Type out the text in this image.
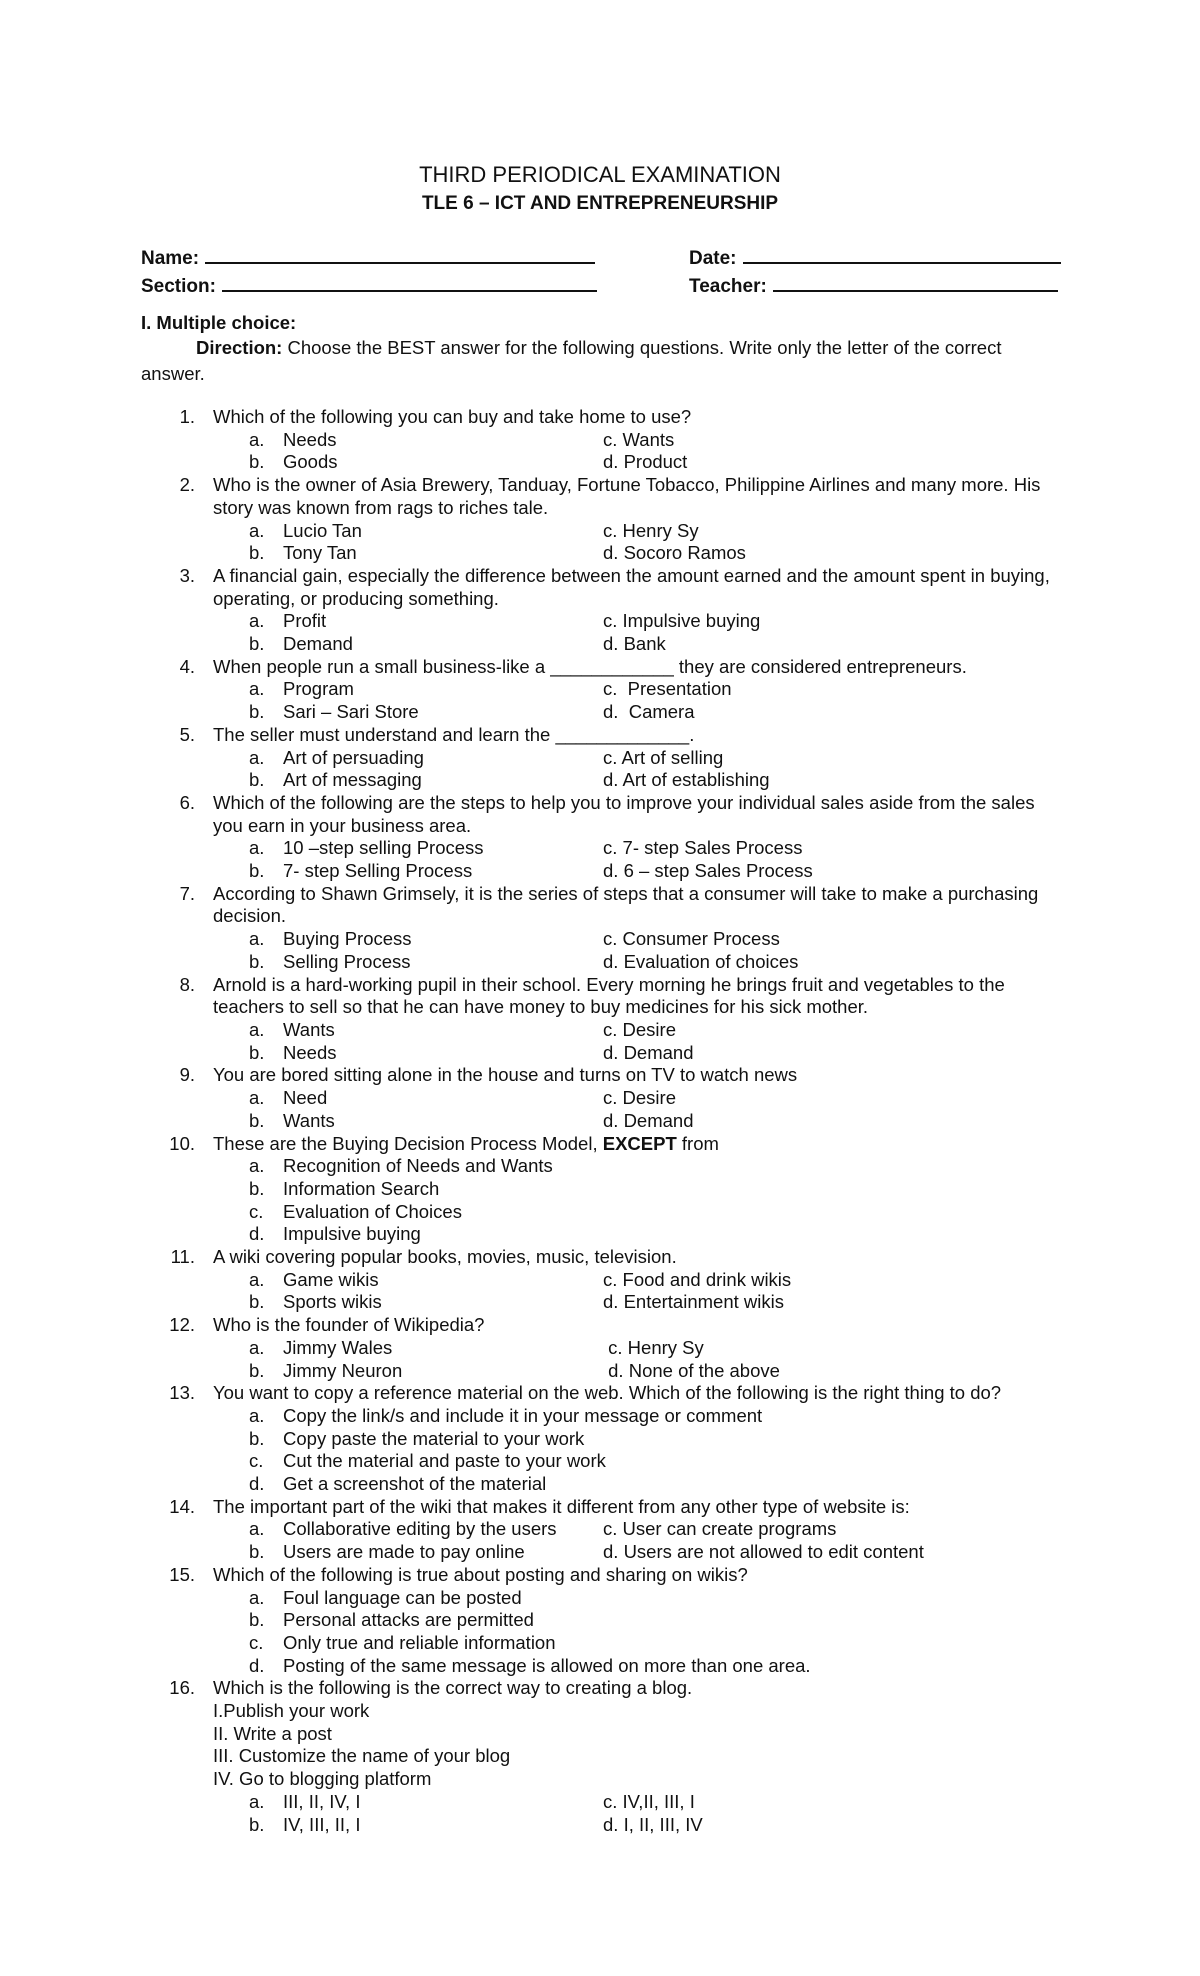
THIRD PERIODICAL EXAMINATION
TLE 6 – ICT AND ENTREPRENEURSHIP
Name:	Date:
Section:	Teacher:
I. Multiple choice:

Direction: Choose the BEST answer for the following questions. Write only the letter of the correct answer.

1. Which of the following you can buy and take home to use?
a. Needs	c. Wants
b. Goods	d. Product
2. Who is the owner of Asia Brewery, Tanduay, Fortune Tobacco, Philippine Airlines and many more. His story was known from rags to riches tale.
a. Lucio Tan	c. Henry Sy
b. Tony Tan	d. Socoro Ramos
3. A financial gain, especially the difference between the amount earned and the amount spent in buying, operating, or producing something.
a. Profit	c. Impulsive buying
b. Demand	d. Bank
4. When people run a small business-like a ____________ they are considered entrepreneurs.
a. Program	c.  Presentation
b. Sari – Sari Store	d.  Camera
5. The seller must understand and learn the _____________.
a. Art of persuading	c. Art of selling
b. Art of messaging	d. Art of establishing
6. Which of the following are the steps to help you to improve your individual sales aside from the sales you earn in your business area.
a. 10 –step selling Process	c. 7- step Sales Process
b. 7- step Selling Process	d. 6 – step Sales Process
7. According to Shawn Grimsely, it is the series of steps that a consumer will take to make a purchasing decision.
a. Buying Process	c. Consumer Process
b. Selling Process	d. Evaluation of choices
8. Arnold is a hard-working pupil in their school. Every morning he brings fruit and vegetables to the teachers to sell so that he can have money to buy medicines for his sick mother.
a. Wants	c. Desire
b. Needs	d. Demand
9. You are bored sitting alone in the house and turns on TV to watch news
a. Need	c. Desire
b. Wants	d. Demand
10. These are the Buying Decision Process Model, EXCEPT from
a. Recognition of Needs and Wants
b. Information Search
c. Evaluation of Choices
d. Impulsive buying
11. A wiki covering popular books, movies, music, television.
a. Game wikis	c. Food and drink wikis
b. Sports wikis	d. Entertainment wikis
12. Who is the founder of Wikipedia?
a. Jimmy Wales	c. Henry Sy
b. Jimmy Neuron	d. None of the above
13. You want to copy a reference material on the web. Which of the following is the right thing to do?
a. Copy the link/s and include it in your message or comment
b. Copy paste the material to your work
c. Cut the material and paste to your work
d. Get a screenshot of the material
14. The important part of the wiki that makes it different from any other type of website is:
a. Collaborative editing by the users	c. User can create programs
b. Users are made to pay online	d. Users are not allowed to edit content
15. Which of the following is true about posting and sharing on wikis?
a. Foul language can be posted
b. Personal attacks are permitted
c. Only true and reliable information
d. Posting of the same message is allowed on more than one area.
16. Which is the following is the correct way to creating a blog.
I.Publish your work
II. Write a post
III. Customize the name of your blog
IV. Go to blogging platform
a. III, II, IV, I	c. IV,II, III, I
b. IV, III, II, I	d. I, II, III, IV
